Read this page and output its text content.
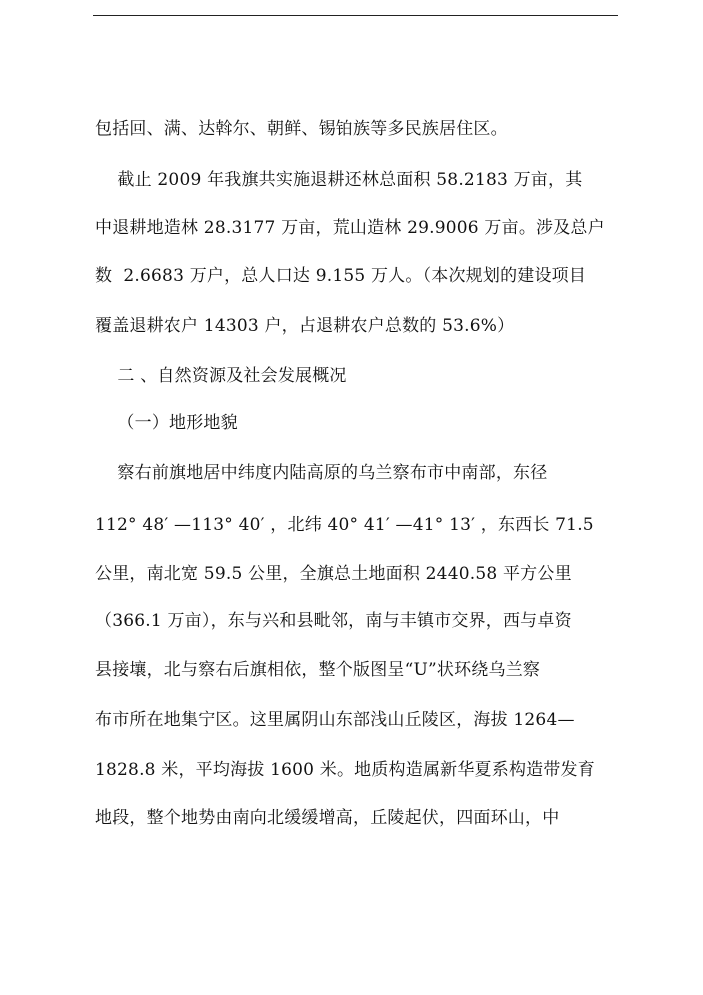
包括回、满、达斡尔、朝鲜、锡铂族等多民族居住区。
截止 2009 年我旗共实施退耕还林总面积 58.2183 万亩，其
中退耕地造林 28.3177 万亩，荒山造林 29.9006 万亩。涉及总户
数  2.6683 万户，总人口达 9.155 万人。（本次规划的建设项目
覆盖退耕农户 14303 户，占退耕农户总数的 53.6%）
二 、自然资源及社会发展概况
（一）地形地貌
察右前旗地居中纬度内陆高原的乌兰察布市中南部，东径
112° 48′ —113° 40′ ，北纬 40° 41′ —41° 13′ ，东西长 71.5
公里，南北宽 59.5 公里，全旗总土地面积 2440.58 平方公里
（366.1 万亩），东与兴和县毗邻，南与丰镇市交界，西与卓资
县接壤，北与察右后旗相依，整个版图呈“U”状环绕乌兰察
布市所在地集宁区。这里属阴山东部浅山丘陵区，海拔 1264—
1828.8 米，平均海拔 1600 米。地质构造属新华夏系构造带发育
地段，整个地势由南向北缓缓增高，丘陵起伏，四面环山，中
